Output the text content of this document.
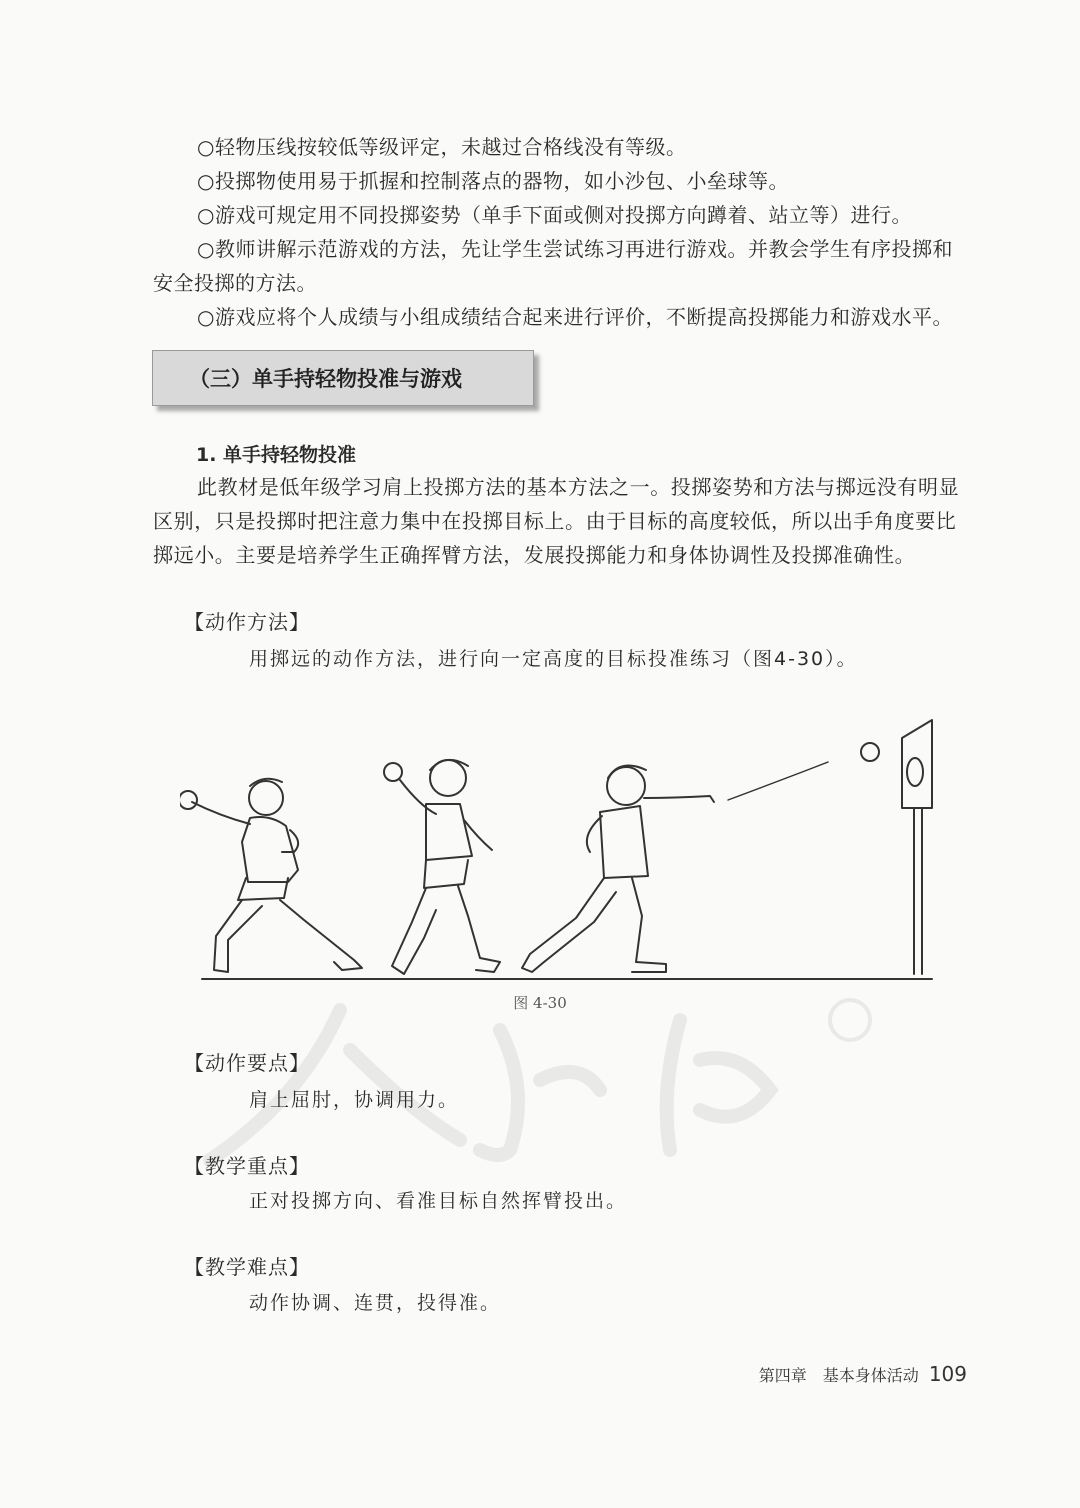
○轻物压线按较低等级评定，未越过合格线没有等级。
○投掷物使用易于抓握和控制落点的器物，如小沙包、小垒球等。
○游戏可规定用不同投掷姿势（单手下面或侧对投掷方向蹲着、站立等）进行。
○教师讲解示范游戏的方法，先让学生尝试练习再进行游戏。并教会学生有序投掷和安全投掷的方法。
○游戏应将个人成绩与小组成绩结合起来进行评价，不断提高投掷能力和游戏水平。
（三）单手持轻物投准与游戏
1. 单手持轻物投准
此教材是低年级学习肩上投掷方法的基本方法之一。投掷姿势和方法与掷远没有明显区别，只是投掷时把注意力集中在投掷目标上。由于目标的高度较低，所以出手角度要比掷远小。主要是培养学生正确挥臂方法，发展投掷能力和身体协调性及投掷准确性。
【动作方法】
用掷远的动作方法，进行向一定高度的目标投准练习（图4-30）。
图 4-30
【动作要点】
肩上屈肘，协调用力。
【教学重点】
正对投掷方向、看准目标自然挥臂投出。
【教学难点】
动作协调、连贯，投得准。
第四章　基本身体活动 109
